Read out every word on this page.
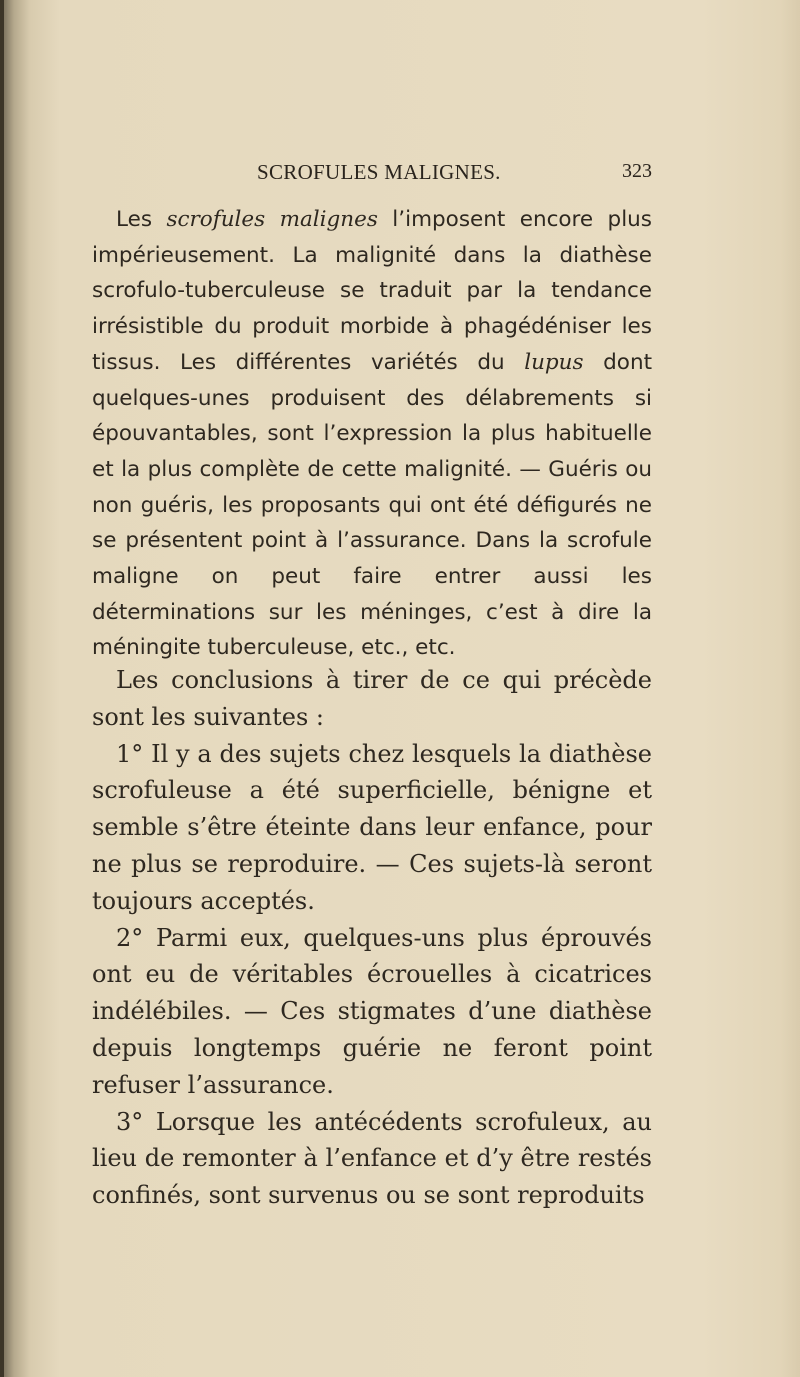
SCROFULES MALIGNES.	323

Les scrofules malignes l’imposent encore plus impérieusement. La malignité dans la diathèse scrofulo-tuberculeuse se traduit par la tendance irrésistible du produit morbide à phagédéniser les tissus. Les différentes variétés du lupus dont quelques-unes produisent des délabrements si épouvantables, sont l’expression la plus habituelle et la plus complète de cette malignité. — Guéris ou non guéris, les proposants qui ont été défigurés ne se présentent point à l’assurance. Dans la scrofule maligne on peut faire entrer aussi les déterminations sur les méninges, c’est à dire la méningite tuberculeuse, etc., etc.

Les conclusions à tirer de ce qui précède sont les suivantes :

1° Il y a des sujets chez lesquels la diathèse scrofuleuse a été superficielle, bénigne et semble s’être éteinte dans leur enfance, pour ne plus se reproduire. — Ces sujets-là seront toujours acceptés.

2° Parmi eux, quelques-uns plus éprouvés ont eu de véritables écrouelles à cicatrices indélébiles. — Ces stigmates d’une diathèse depuis longtemps guérie ne feront point refuser l’assurance.

3° Lorsque les antécédents scrofuleux, au lieu de remonter à l’enfance et d’y être restés confinés, sont survenus ou se sont reproduits
